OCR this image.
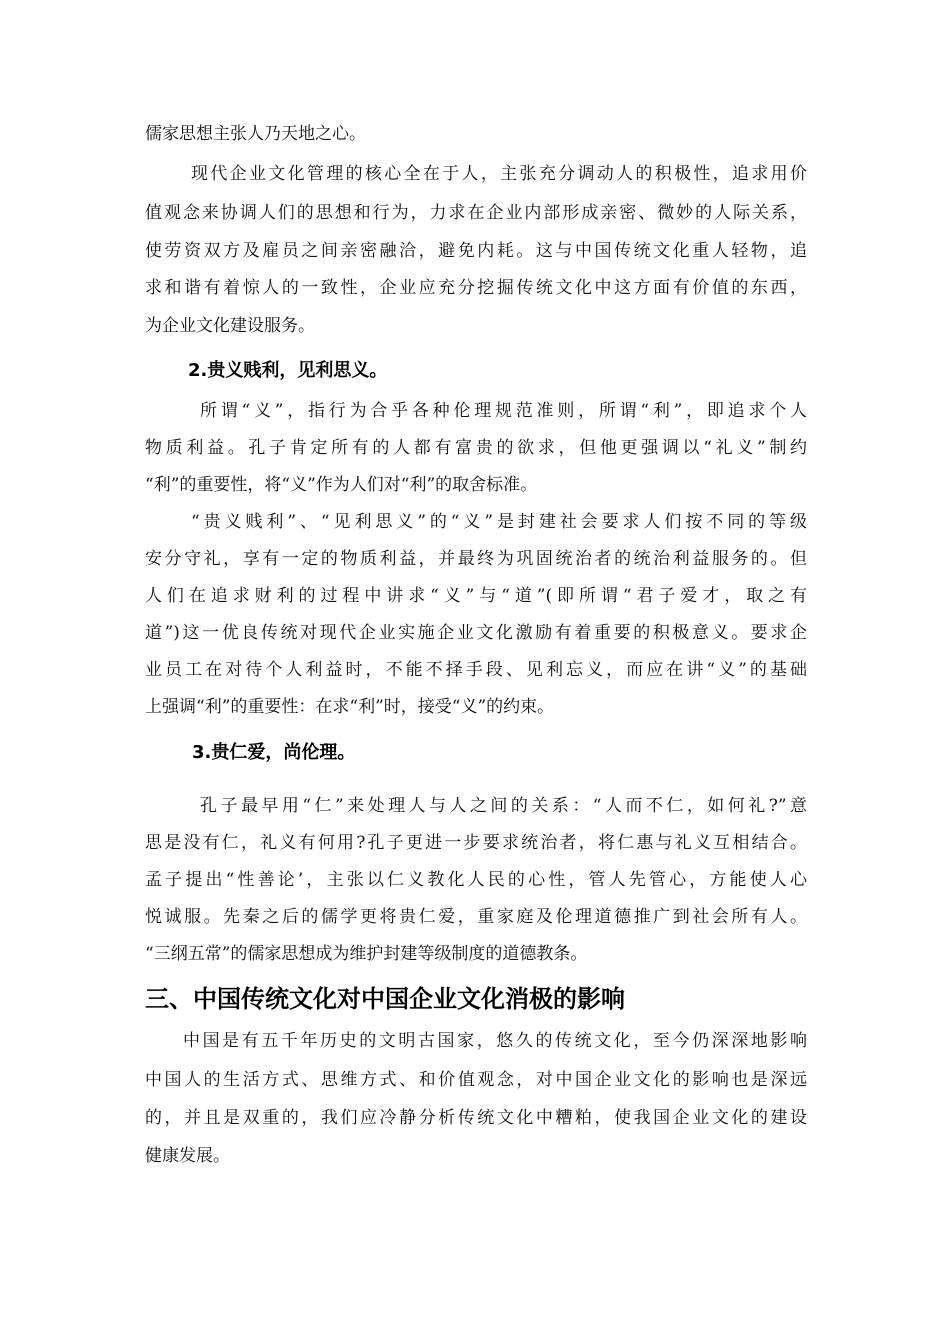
儒家思想主张人乃天地之心。
现代企业文化管理的核心全在于人，主张充分调动人的积极性，追求用价
值观念来协调人们的思想和行为，力求在企业内部形成亲密、微妙的人际关系，
使劳资双方及雇员之间亲密融洽，避免内耗。这与中国传统文化重人轻物，追
求和谐有着惊人的一致性，企业应充分挖掘传统文化中这方面有价值的东西，
为企业文化建设服务。
2.贵义贱利，见利思义。
所谓“义”，指行为合乎各种伦理规范准则，所谓“利”，即追求个人
物质利益。孔子肯定所有的人都有富贵的欲求，但他更强调以“礼义”制约
“利”的重要性，将“义”作为人们对“利”的取舍标准。
“贵义贱利”、“见利思义”的“义”是封建社会要求人们按不同的等级
安分守礼，享有一定的物质利益，并最终为巩固统治者的统治利益服务的。但
人们在追求财利的过程中讲求“义”与“道”(即所谓“君子爱才，取之有
道”)这一优良传统对现代企业实施企业文化激励有着重要的积极意义。要求企
业员工在对待个人利益时，不能不择手段、见利忘义，而应在讲“义”的基础
上强调“利”的重要性：在求“利”时，接受“义”的约束。
3.贵仁爱，尚伦理。
孔子最早用“仁”来处理人与人之间的关系：“人而不仁，如何礼?”意
思是没有仁，礼义有何用?孔子更进一步要求统治者，将仁惠与礼义互相结合。
孟子提出“性善论’，主张以仁义教化人民的心性，管人先管心，方能使人心
悦诚服。先秦之后的儒学更将贵仁爱，重家庭及伦理道德推广到社会所有人。
“三纲五常”的儒家思想成为维护封建等级制度的道德教条。
三、中国传统文化对中国企业文化消极的影响
中国是有五千年历史的文明古国家，悠久的传统文化，至今仍深深地影响
中国人的生活方式、思维方式、和价值观念，对中国企业文化的影响也是深远
的，并且是双重的，我们应冷静分析传统文化中糟粕，使我国企业文化的建设
健康发展。
